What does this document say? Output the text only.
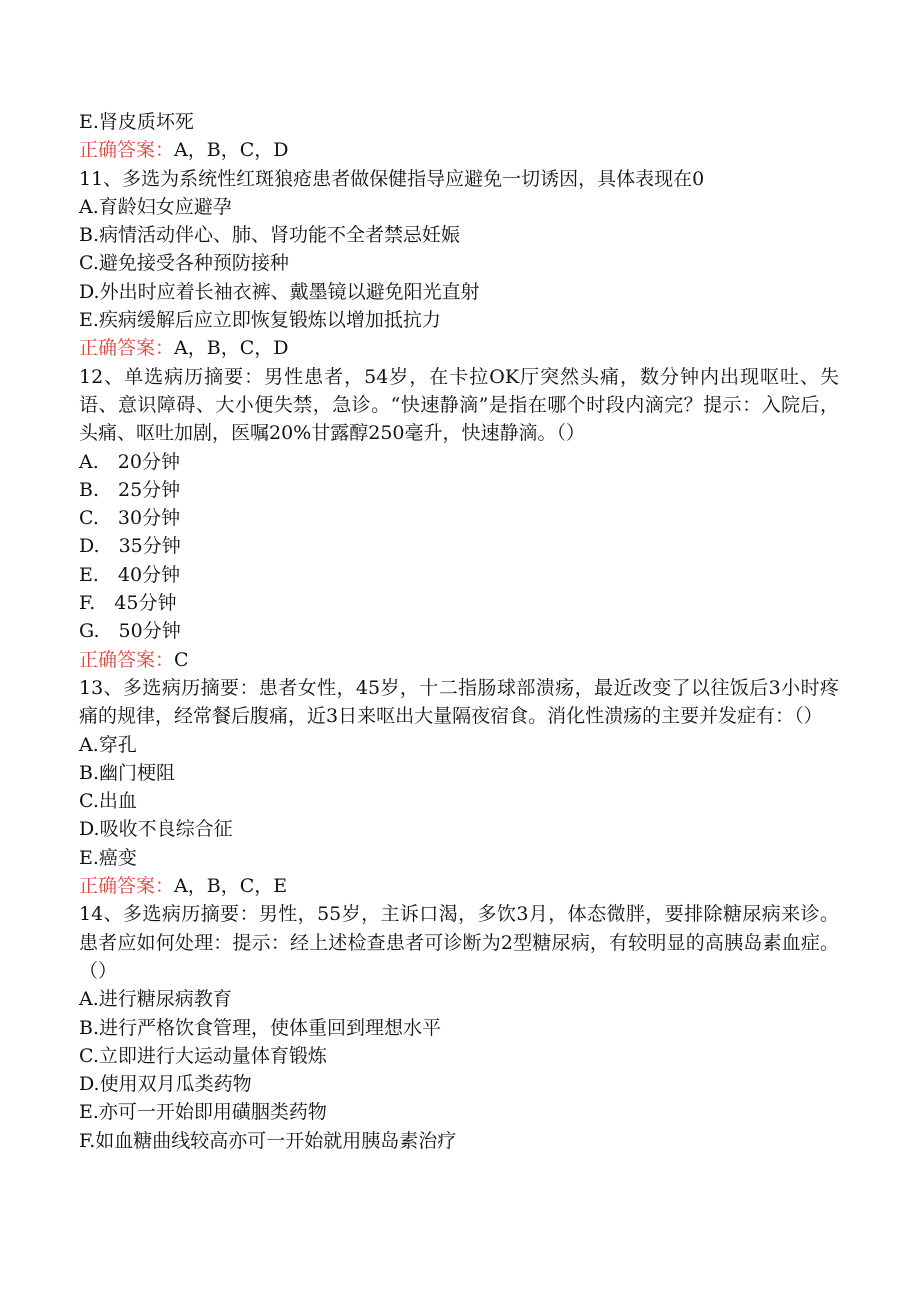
E.肾皮质坏死
正确答案：A，B，C，D
11、多选为系统性红斑狼疮患者做保健指导应避免一切诱因，具体表现在0
A.育龄妇女应避孕
B.病情活动伴心、肺、肾功能不全者禁忌妊娠
C.避免接受各种预防接种
D.外出时应着长袖衣裤、戴墨镜以避免阳光直射
E.疾病缓解后应立即恢复锻炼以增加抵抗力
正确答案：A，B，C，D
12、单选病历摘要：男性患者，54岁，在卡拉OK厅突然头痛，数分钟内出现呕吐、失语、意识障碍、大小便失禁，急诊。“快速静滴”是指在哪个时段内滴完？提示：入院后，头痛、呕吐加剧，医嘱20%甘露醇250毫升，快速静滴。（）
A.　20分钟
B.　25分钟
C.　30分钟
D.　35分钟
E.　40分钟
F.　45分钟
G.　50分钟
正确答案：C
13、多选病历摘要：患者女性，45岁，十二指肠球部溃疡，最近改变了以往饭后3小时疼痛的规律，经常餐后腹痛，近3日来呕出大量隔夜宿食。消化性溃疡的主要并发症有：（）
A.穿孔
B.幽门梗阻
C.出血
D.吸收不良综合征
E.癌变
正确答案：A，B，C，E
14、多选病历摘要：男性，55岁，主诉口渴，多饮3月，体态微胖，要排除糖尿病来诊。患者应如何处理：提示：经上述检查患者可诊断为2型糖尿病，有较明显的高胰岛素血症。（）
A.进行糖尿病教育
B.进行严格饮食管理，使体重回到理想水平
C.立即进行大运动量体育锻炼
D.使用双月瓜类药物
E.亦可一开始即用磺胭类药物
F.如血糖曲线较高亦可一开始就用胰岛素治疗
